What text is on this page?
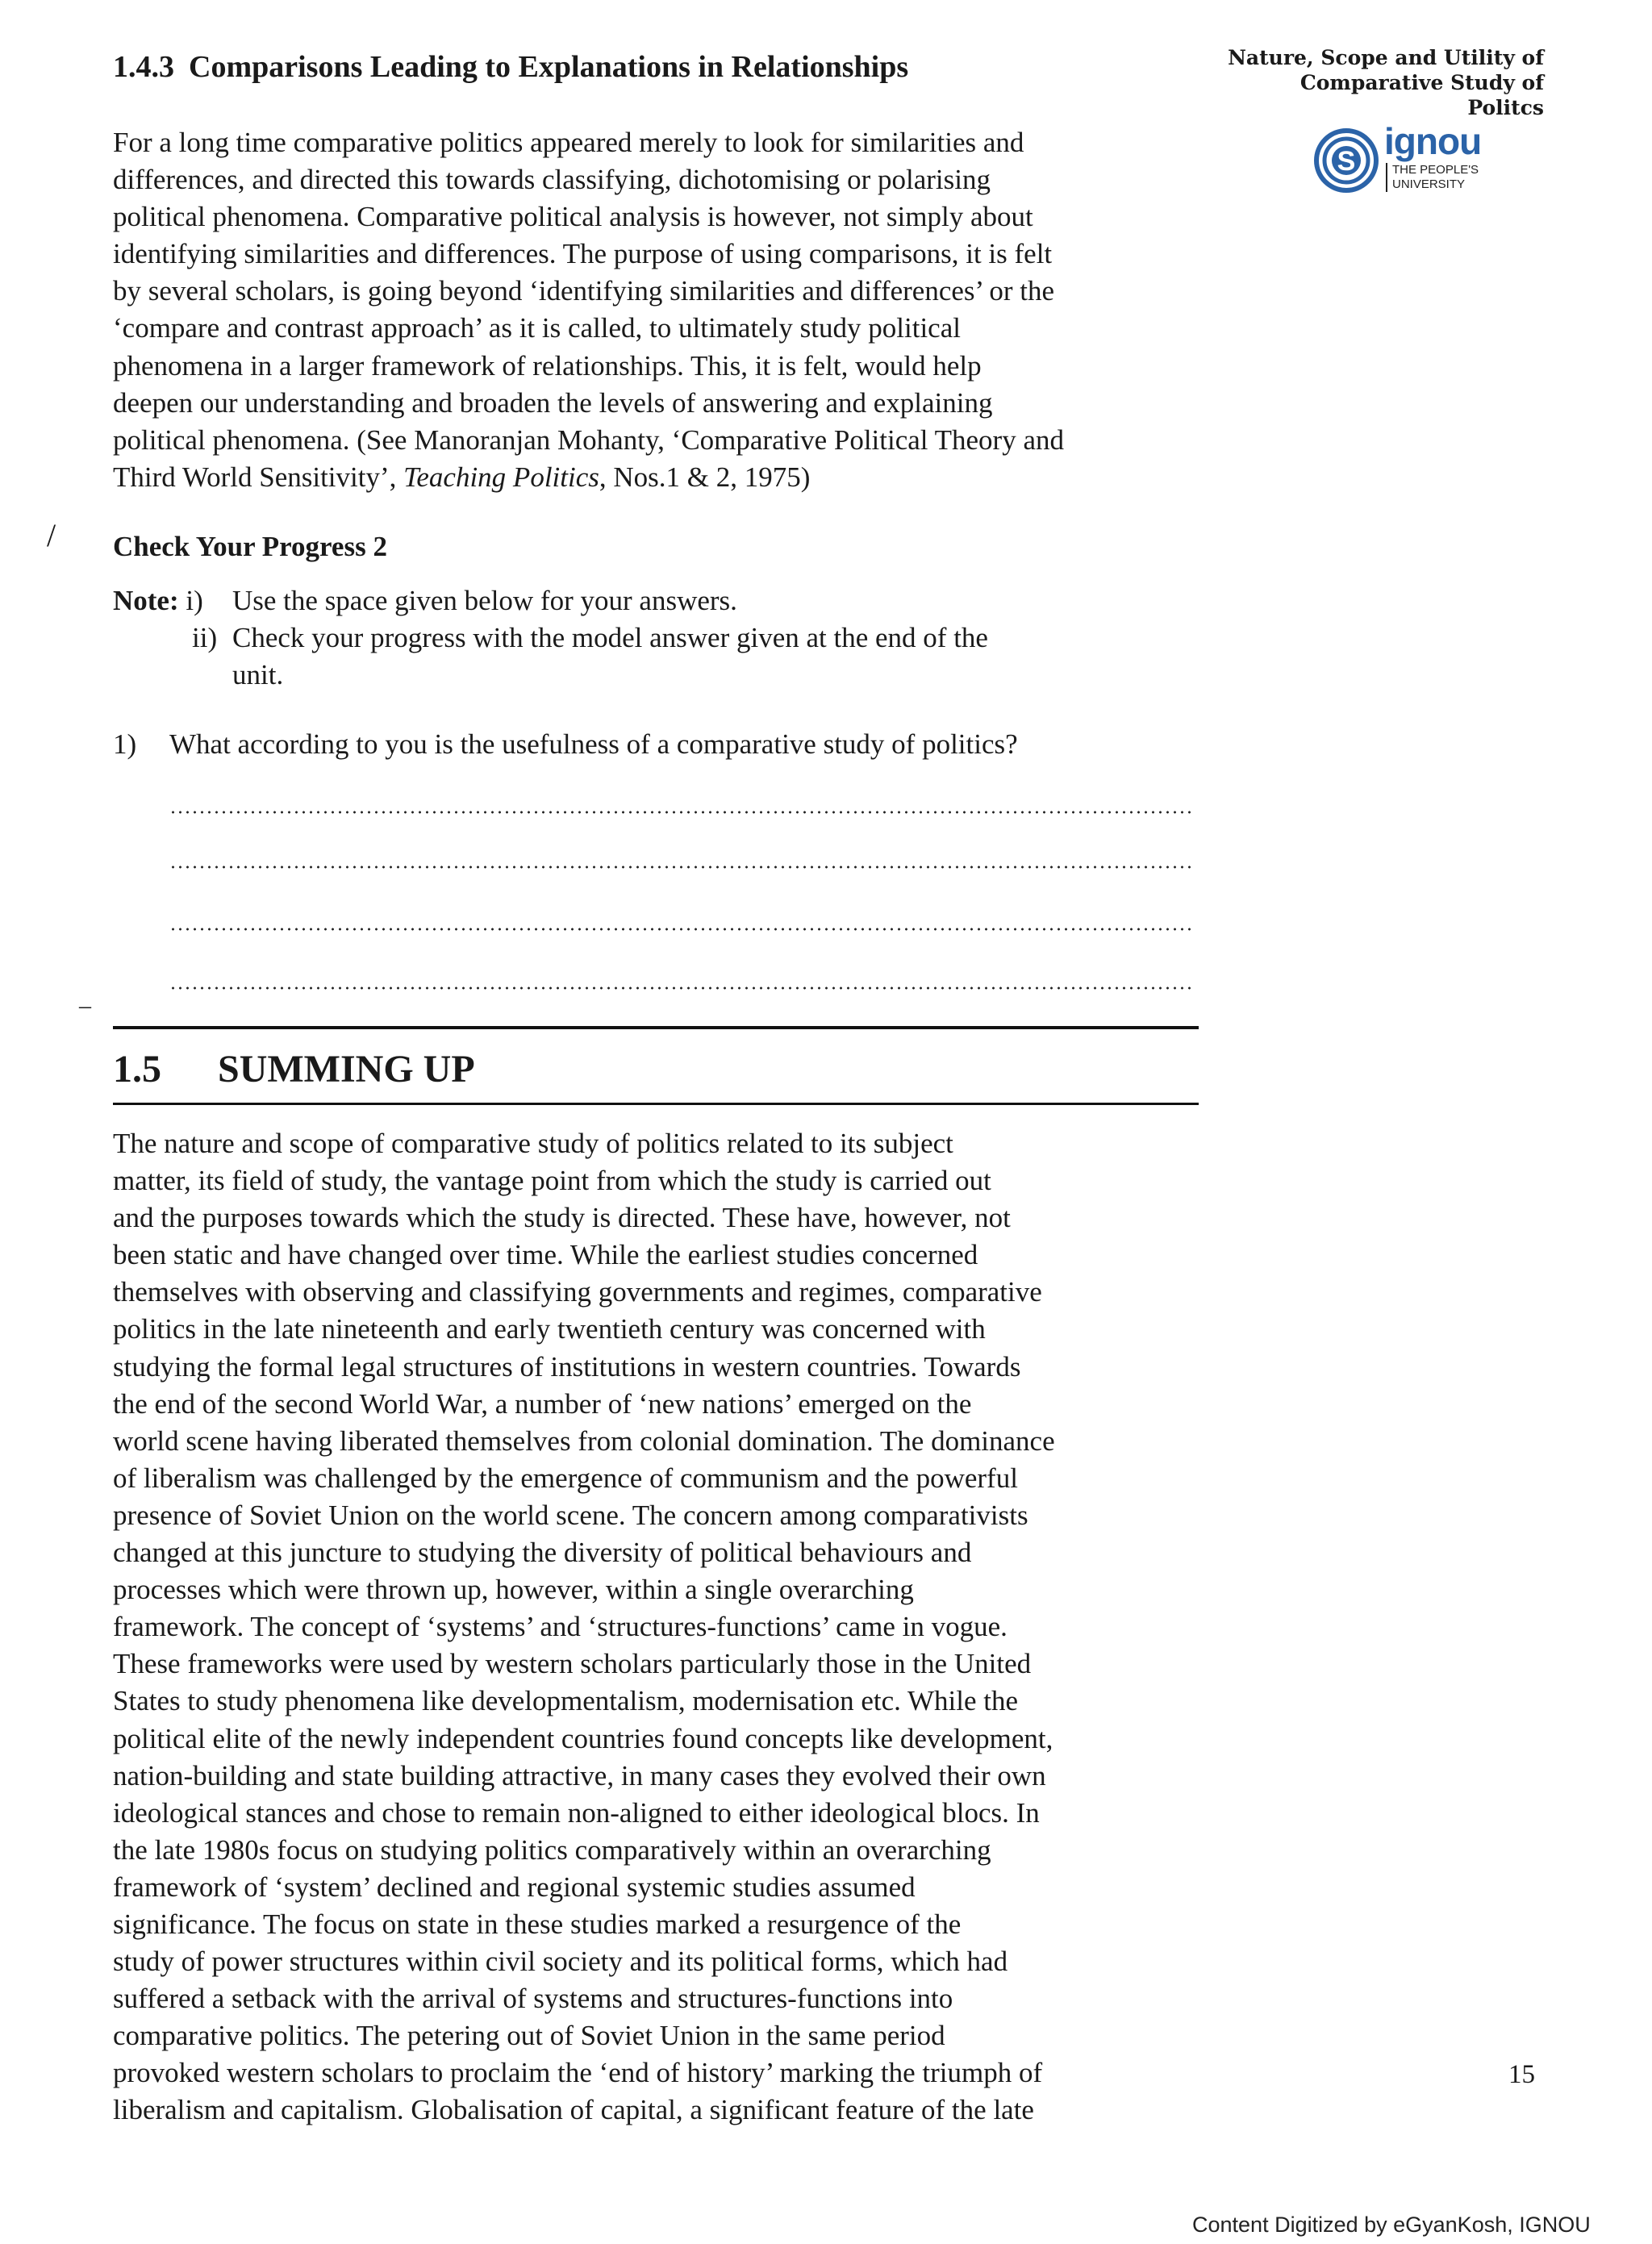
Nature, Scope and Utility of
Comparative Study of
Politcs
S ignou
THE PEOPLE'S
UNIVERSITY
1.4.3 Comparisons Leading to Explanations in Relationships

For a long time comparative politics appeared merely to look for similarities and
differences, and directed this towards classifying, dichotomising or polarising
political phenomena. Comparative political analysis is however, not simply about
identifying similarities and differences. The purpose of using comparisons, it is felt
by several scholars, is going beyond ‘identifying similarities and differences’ or the
‘compare and contrast approach’ as it is called, to ultimately study political
phenomena in a larger framework of relationships. This, it is felt, would help
deepen our understanding and broaden the levels of answering and explaining
political phenomena. (See Manoranjan Mohanty, ‘Comparative Political Theory and
Third World Sensitivity’, Teaching Politics, Nos.1 & 2, 1975)

Check Your Progress 2
Note: i)	Use the space given below for your answers.
ii) Check your progress with the model answer given at the end of the
unit.
1) What according to you is the usefulness of a comparative study of politics?
1.5 SUMMING UP

The nature and scope of comparative study of politics related to its subject
matter, its field of study, the vantage point from which the study is carried out
and the purposes towards which the study is directed. These have, however, not
been static and have changed over time. While the earliest studies concerned
themselves with observing and classifying governments and regimes, comparative
politics in the late nineteenth and early twentieth century was concerned with
studying the formal legal structures of institutions in western countries. Towards
the end of the second World War, a number of ‘new nations’ emerged on the
world scene having liberated themselves from colonial domination. The dominance
of liberalism was challenged by the emergence of communism and the powerful
presence of Soviet Union on the world scene. The concern among comparativists
changed at this juncture to studying the diversity of political behaviours and
processes which were thrown up, however, within a single overarching
framework. The concept of ‘systems’ and ‘structures-functions’ came in vogue.
These frameworks were used by western scholars particularly those in the United
States to study phenomena like developmentalism, modernisation etc. While the
political elite of the newly independent countries found concepts like development,
nation-building and state building attractive, in many cases they evolved their own
ideological stances and chose to remain non-aligned to either ideological blocs. In
the late 1980s focus on studying politics comparatively within an overarching
framework of ‘system’ declined and regional systemic studies assumed
significance. The focus on state in these studies marked a resurgence of the
study of power structures within civil society and its political forms, which had
suffered a setback with the arrival of systems and structures-functions into
comparative politics. The petering out of Soviet Union in the same period
provoked western scholars to proclaim the ‘end of history’ marking the triumph of
liberalism and capitalism. Globalisation of capital, a significant feature of the late

/
–
15
Content Digitized by eGyanKosh, IGNOU
